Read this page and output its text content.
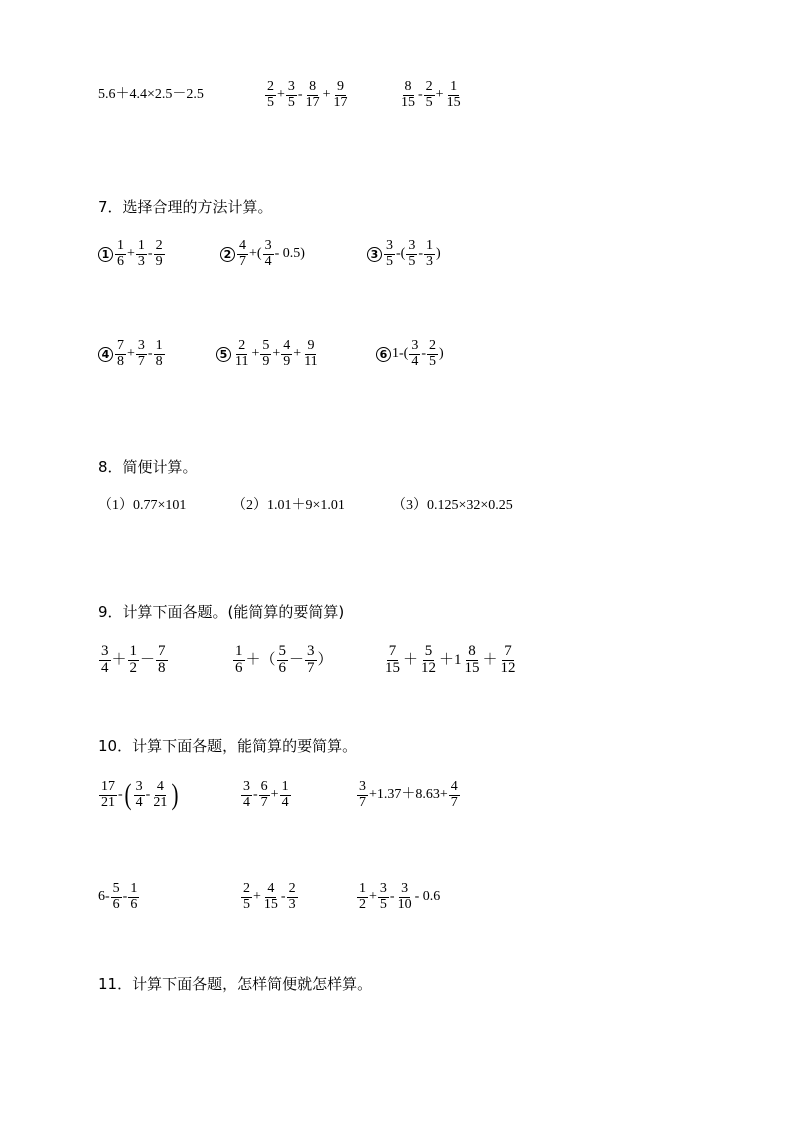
7．选择合理的方法计算。
8．简便计算。
9．计算下面各题。(能简算的要简算)
10．计算下面各题，能简算的要简算。
11．计算下面各题，怎样简便就怎样算。
5.6＋4.4×2.5－2.5	$\frac{2}{5} + \frac{3}{5} - \frac{8}{17} + \frac{9}{17}$	$\frac{8}{15} - \frac{2}{5} + \frac{1}{15}$
$1 \frac{1}{6} + \frac{1}{3} - \frac{2}{9}$	$2 \frac{4}{7}$ +( $\frac{3}{4} - 0.5$)	$3 \frac{3}{5}$ -( $\frac{3}{5} - \frac{1}{3}$ )
$4 \frac{7}{8} + \frac{3}{7} - \frac{1}{8}$	$5 \frac{2}{11} + \frac{5}{9} + \frac{4}{9} + \frac{9}{11}$	6 $1-( \frac{3}{4} - \frac{2}{5}$ )
（1）0.77×101	（2）1.01＋9×1.01	（3）0.125×32×0.25
$\frac{3}{4} + \frac{1}{2} - \frac{7}{8}$	$\frac{1}{6}$ ＋（ $\frac{5}{6} - \frac{3}{7}$ ）	$\frac{7}{15} + \frac{5}{12} +1 \frac{8}{15} + \frac{7}{12}$
$\frac{17}{21}$ - ( $\frac{3}{4} - \frac{4}{21}$ )	$\frac{3}{4} - \frac{6}{7} + \frac{1}{4}$	$\frac{3}{7} +1.37+8.63+ \frac{4}{7}$
$6- \frac{5}{6} - \frac{1}{6}$	$\frac{2}{5} + \frac{4}{15} - \frac{2}{3}$	$\frac{1}{2} + \frac{3}{5} - \frac{3}{10} - 0.6$
